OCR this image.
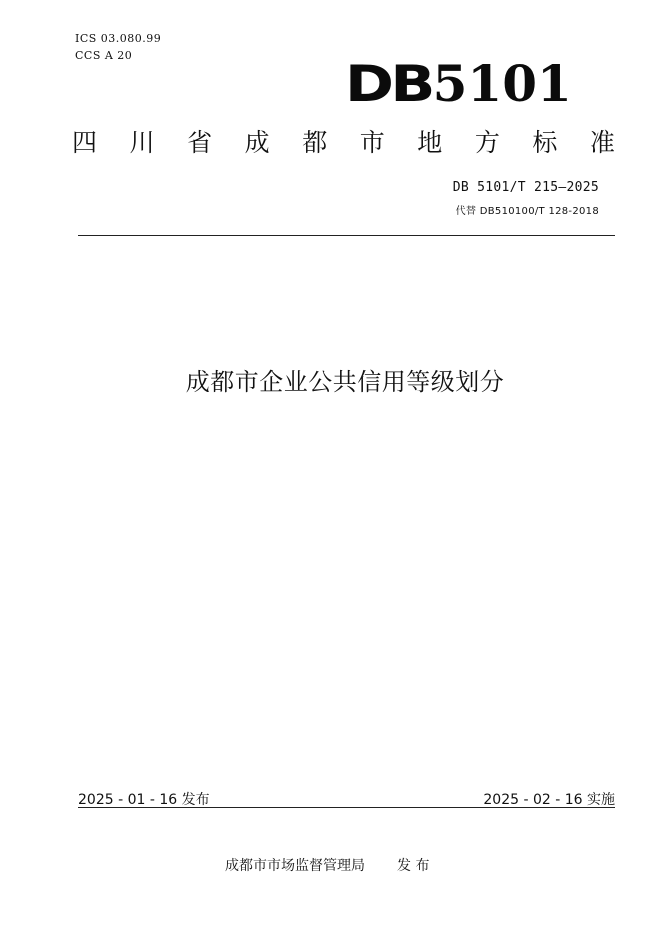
ICS 03.080.99
CCS A 20	DB5101
四 川 省 成 都 市 地 方 标 准
DB 5101/T 215—2025
代替 DB510100/T 128-2018
成都市企业公共信用等级划分
2025 - 01 - 16 发布	2025 - 02 - 16 实施
成都市市场监督管理局 发 布
